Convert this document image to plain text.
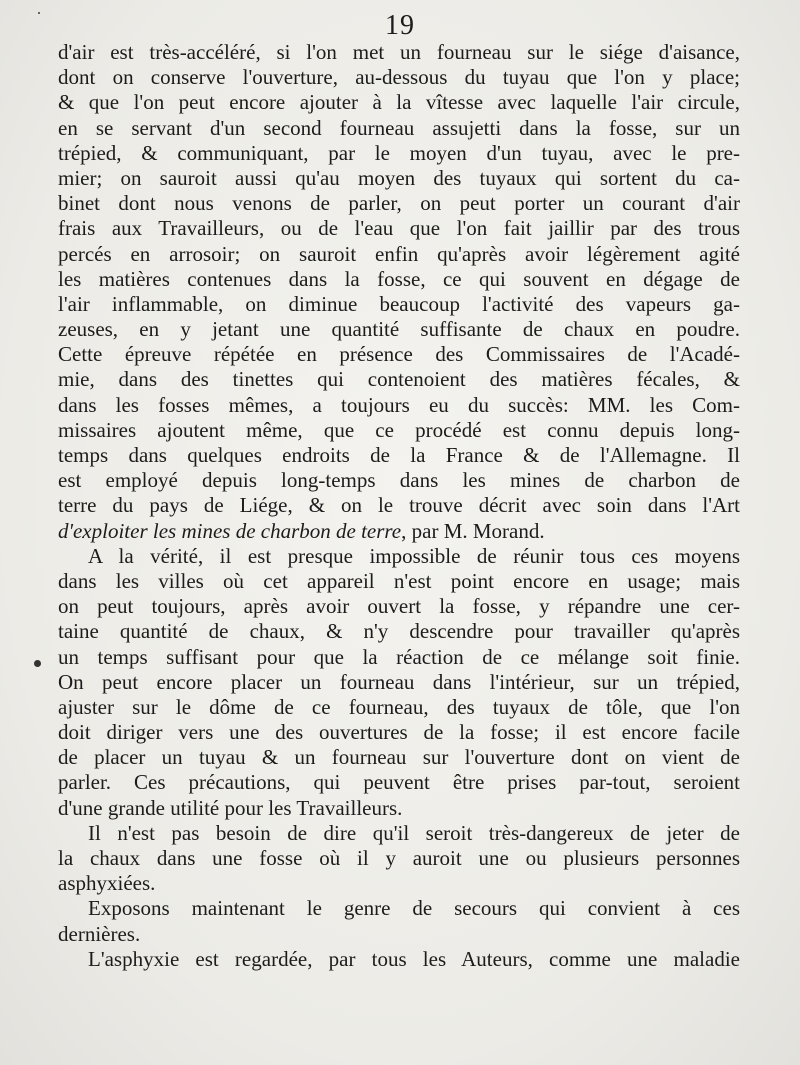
19
d'air est très-accéléré, si l'on met un fourneau sur le siége d'aisance,
dont on conserve l'ouverture, au-dessous du tuyau que l'on y place;
& que l'on peut encore ajouter à la vîtesse avec laquelle l'air circule,
en se servant d'un second fourneau assujetti dans la fosse, sur un
trépied, & communiquant, par le moyen d'un tuyau, avec le pre-
mier; on sauroit aussi qu'au moyen des tuyaux qui sortent du ca-
binet dont nous venons de parler, on peut porter un courant d'air
frais aux Travailleurs, ou de l'eau que l'on fait jaillir par des trous
percés en arrosoir; on sauroit enfin qu'après avoir légèrement agité
les matières contenues dans la fosse, ce qui souvent en dégage de
l'air inflammable, on diminue beaucoup l'activité des vapeurs ga-
zeuses, en y jetant une quantité suffisante de chaux en poudre.
Cette épreuve répétée en présence des Commissaires de l'Acadé-
mie, dans des tinettes qui contenoient des matières fécales, &
dans les fosses mêmes, a toujours eu du succès: MM. les Com-
missaires ajoutent même, que ce procédé est connu depuis long-
temps dans quelques endroits de la France & de l'Allemagne. Il
est employé depuis long-temps dans les mines de charbon de
terre du pays de Liége, & on le trouve décrit avec soin dans l'Art
d'exploiter les mines de charbon de terre, par M. Morand.
A la vérité, il est presque impossible de réunir tous ces moyens
dans les villes où cet appareil n'est point encore en usage; mais
on peut toujours, après avoir ouvert la fosse, y répandre une cer-
taine quantité de chaux, & n'y descendre pour travailler qu'après
un temps suffisant pour que la réaction de ce mélange soit finie.
On peut encore placer un fourneau dans l'intérieur, sur un trépied,
ajuster sur le dôme de ce fourneau, des tuyaux de tôle, que l'on
doit diriger vers une des ouvertures de la fosse; il est encore facile
de placer un tuyau & un fourneau sur l'ouverture dont on vient de
parler. Ces précautions, qui peuvent être prises par-tout, seroient
d'une grande utilité pour les Travailleurs.
Il n'est pas besoin de dire qu'il seroit très-dangereux de jeter de
la chaux dans une fosse où il y auroit une ou plusieurs personnes
asphyxiées.
Exposons maintenant le genre de secours qui convient à ces
dernières.
L'asphyxie est regardée, par tous les Auteurs, comme une maladie
